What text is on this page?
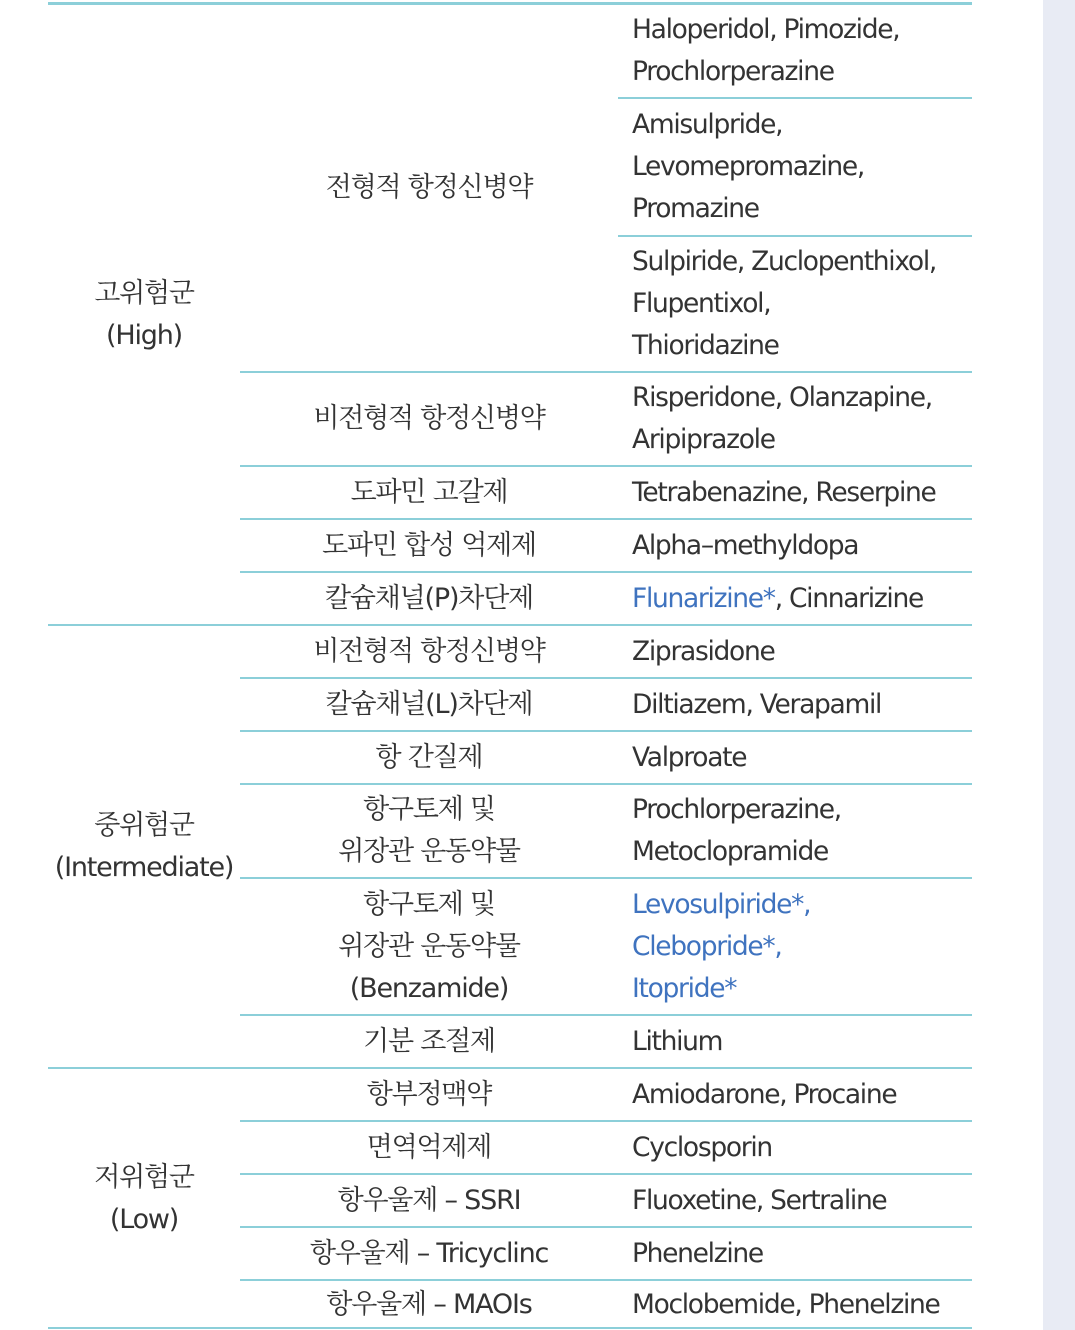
고위험군
(High)
중위험군
(Intermediate)
저위험군
(Low)
전형적 항정신병약
비전형적 항정신병약
도파민 고갈제
도파민 합성 억제제
칼슘채널(P)차단제
비전형적 항정신병약
칼슘채널(L)차단제
항 간질제
항구토제 및
위장관 운동약물
항구토제 및
위장관 운동약물
(Benzamide)
기분 조절제
항부정맥약
면역억제제
항우울제 – SSRI
항우울제 – Tricyclinc
항우울제 – MAOIs
Haloperidol, Pimozide,
Prochlorperazine
Amisulpride,
Levomepromazine,
Promazine
Sulpiride, Zuclopenthixol,
Flupentixol,
Thioridazine
Risperidone, Olanzapine,
Aripiprazole
Tetrabenazine, Reserpine
Alpha–methyldopa
Flunarizine*, Cinnarizine
Ziprasidone
Diltiazem, Verapamil
Valproate
Prochlorperazine,
Metoclopramide
Levosulpiride*,
Clebopride*,
Itopride*
Lithium
Amiodarone, Procaine
Cyclosporin
Fluoxetine, Sertraline
Phenelzine
Moclobemide, Phenelzine
